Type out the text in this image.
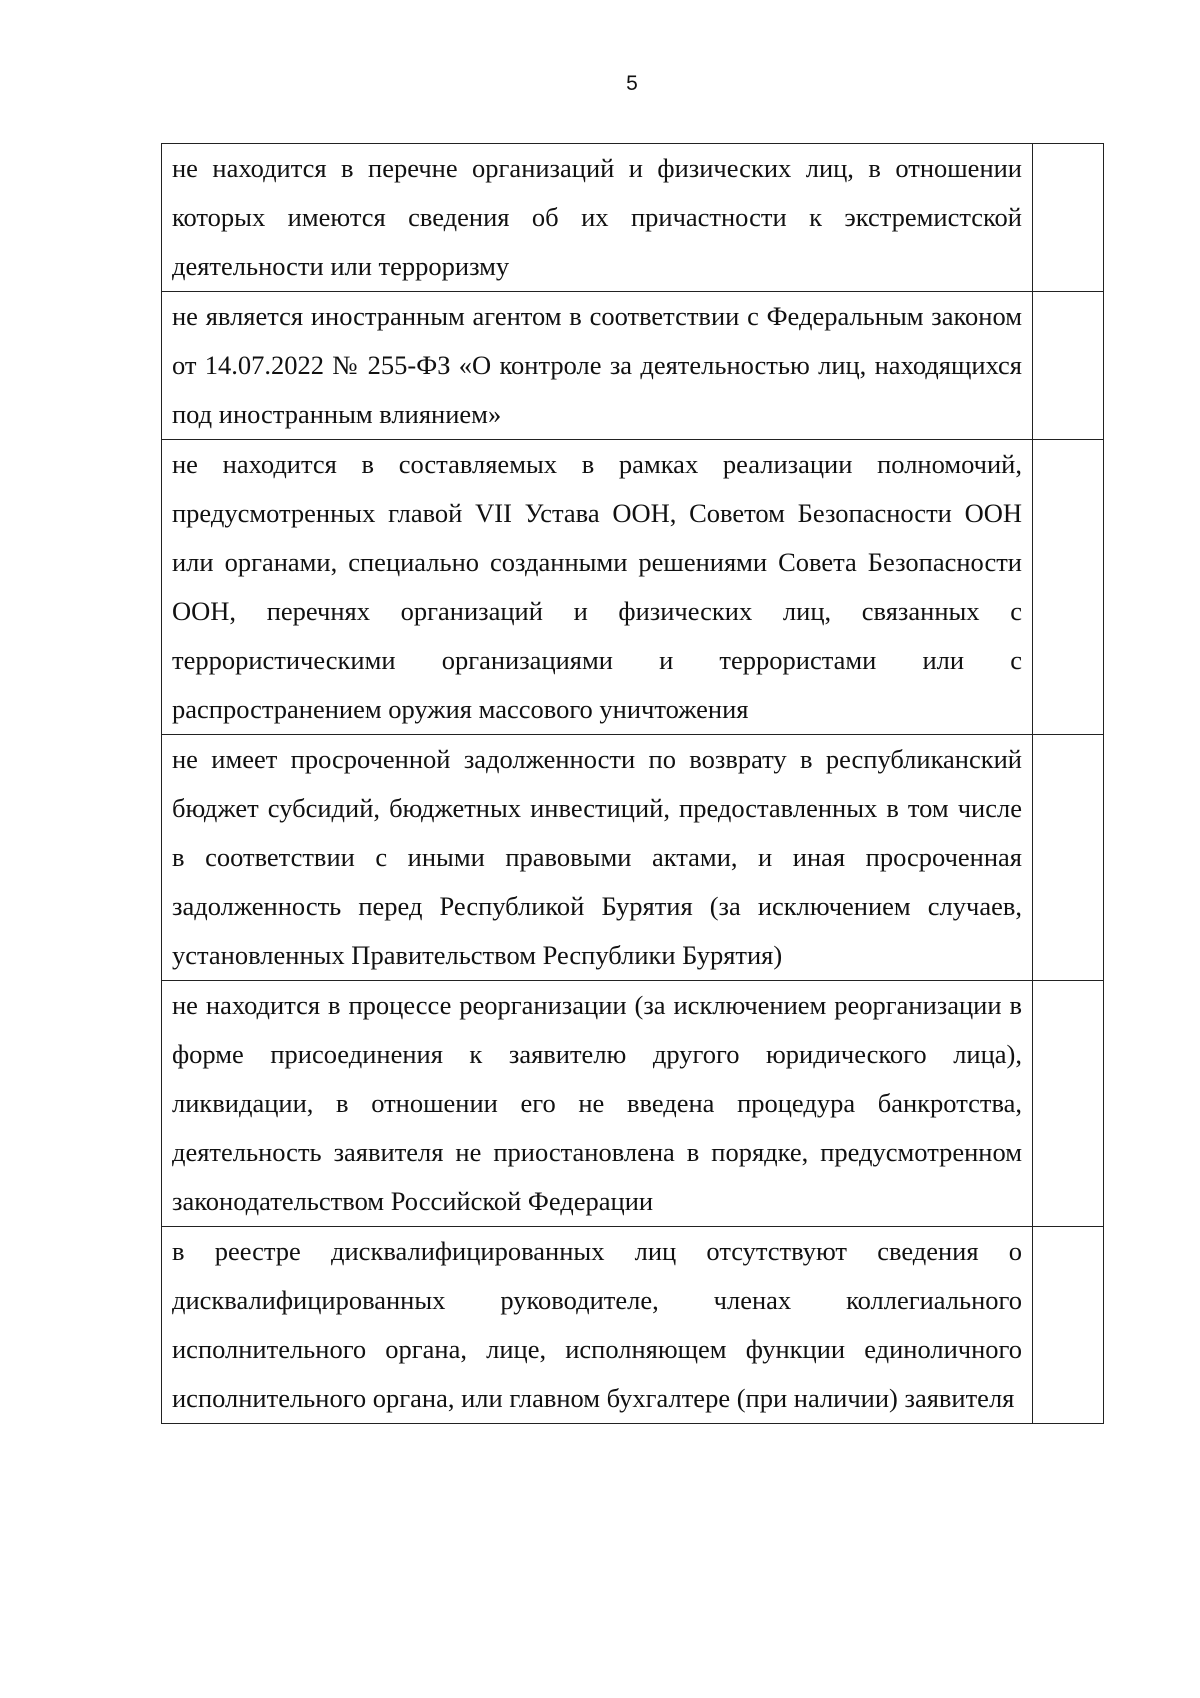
5
не находится в перечне организаций и физических лиц, в отношении которых имеются сведения об их причастности к экстремистской деятельности или терроризму	
не является иностранным агентом в соответствии с Федеральным законом от 14.07.2022 № 255-ФЗ «О контроле за деятельностью лиц, находящихся под иностранным влиянием»	
не находится в составляемых в рамках реализации полномочий, предусмотренных главой VII Устава ООН, Советом Безопасности ООН или органами, специально созданными решениями Совета Безопасности ООН, перечнях организаций и физических лиц, связанных с террористическими организациями и террористами или с распространением оружия массового уничтожения	
не имеет просроченной задолженности по возврату в республиканский бюджет субсидий, бюджетных инвестиций, предоставленных в том числе в соответствии с иными правовыми актами, и иная просроченная задолженность перед Республикой Бурятия (за исключением случаев, установленных Правительством Республики Бурятия)	
не находится в процессе реорганизации (за исключением реорганизации в форме присоединения к заявителю другого юридического лица), ликвидации, в отношении его не введена процедура банкротства, деятельность заявителя не приостановлена в порядке, предусмотренном законодательством Российской Федерации	
в реестре дисквалифицированных лиц отсутствуют сведения о дисквалифицированных руководителе, членах коллегиального исполнительного органа, лице, исполняющем функции единоличного исполнительного органа, или главном бухгалтере (при наличии) заявителя	
